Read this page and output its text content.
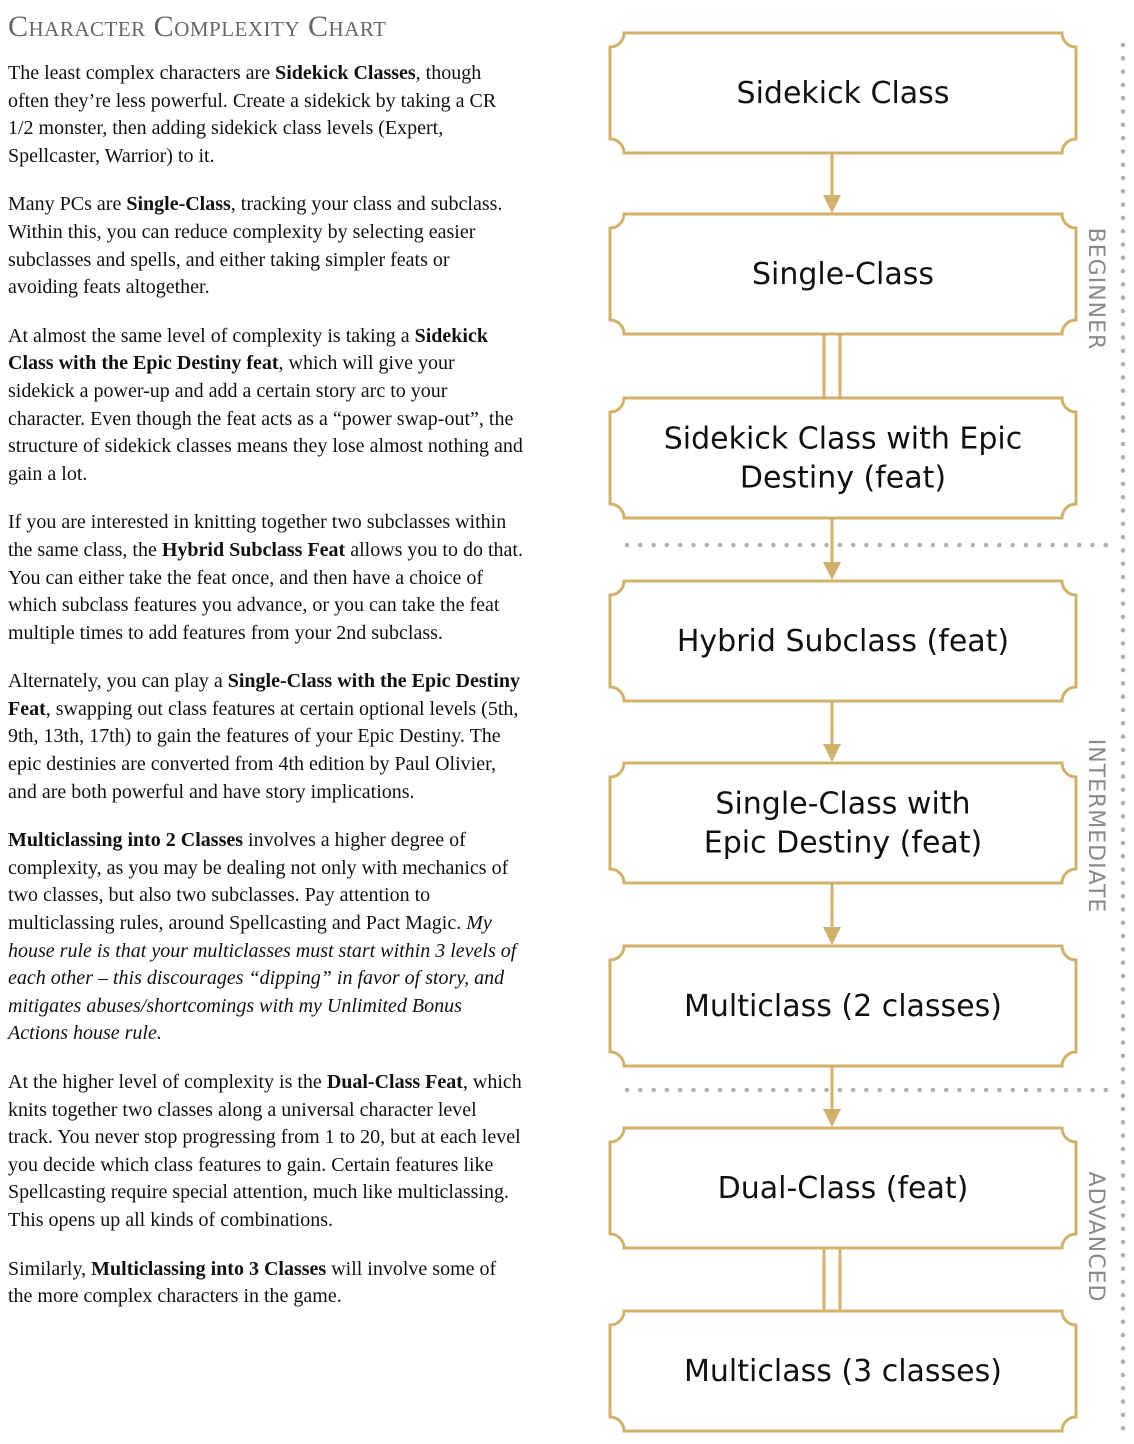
Character Complexity Chart

The least complex characters are Sidekick Classes, though often they’re less powerful. Create a sidekick by taking a CR 1/2 monster, then adding sidekick class levels (Expert, Spellcaster, Warrior) to it.

Many PCs are Single-Class, tracking your class and subclass. Within this, you can reduce complexity by selecting easier subclasses and spells, and either taking simpler feats or avoiding feats altogether.

At almost the same level of complexity is taking a Sidekick Class with the Epic Destiny feat, which will give your sidekick a power-up and add a certain story arc to your character. Even though the feat acts as a “power swap-out”, the structure of sidekick classes means they lose almost nothing and gain a lot.

If you are interested in knitting together two subclasses within the same class, the Hybrid Subclass Feat allows you to do that. You can either take the feat once, and then have a choice of which subclass features you advance, or you can take the feat multiple times to add features from your 2nd subclass.

Alternately, you can play a Single-Class with the Epic Destiny Feat, swapping out class features at certain optional levels (5th, 9th, 13th, 17th) to gain the features of your Epic Destiny. The epic destinies are converted from 4th edition by Paul Olivier, and are both powerful and have story implications.

Multiclassing into 2 Classes involves a higher degree of complexity, as you may be dealing not only with mechanics of two classes, but also two subclasses. Pay attention to multiclassing rules, around Spellcasting and Pact Magic. My house rule is that your multiclasses must start within 3 levels of each other – this discourages “dipping” in favor of story, and mitigates abuses/shortcomings with my Unlimited Bonus Actions house rule.

At the higher level of complexity is the Dual-Class Feat, which knits together two classes along a universal character level track. You never stop progressing from 1 to 20, but at each level you decide which class features to gain. Certain features like Spellcasting require special attention, much like multiclassing. This opens up all kinds of combinations.

Similarly, Multiclassing into 3 Classes will involve some of the more complex characters in the game.

Sidekick Class
Single-Class
Sidekick Class with Epic
Destiny (feat)
Hybrid Subclass (feat)
Single-Class with
Epic Destiny (feat)
Multiclass (2 classes)
Dual-Class (feat)
Multiclass (3 classes)
BEGINNER
INTERMEDIATE
ADVANCED
